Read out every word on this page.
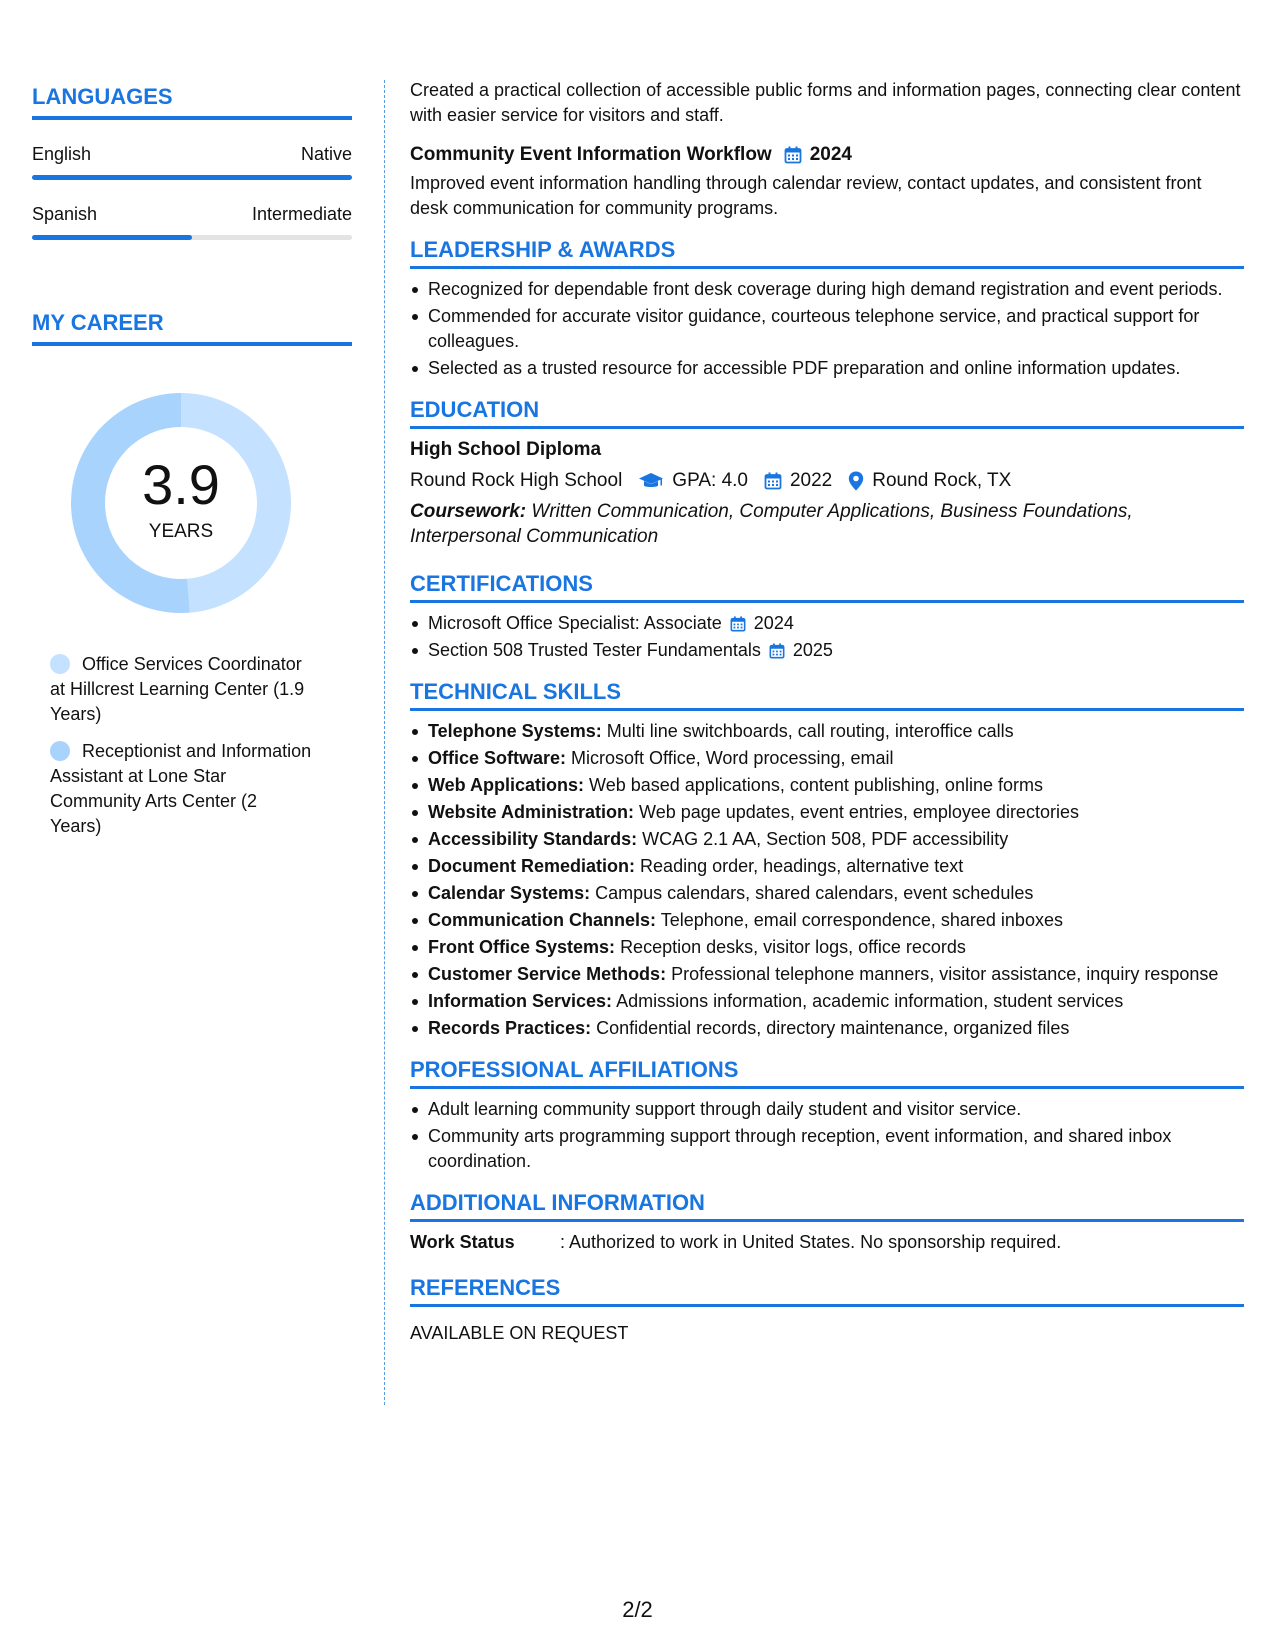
LANGUAGES
English	Native
Spanish	Intermediate
MY CAREER
3.9
YEARS
Office Services Coordinator at Hillcrest Learning Center (1.9 Years)
Receptionist and Information Assistant at Lone Star Community Arts Center (2 Years)
Created a practical collection of accessible public forms and information pages, connecting clear content with easier service for visitors and staff.
Community Event Information Workflow 2024
Improved event information handling through calendar review, contact updates, and consistent front desk communication for community programs.
LEADERSHIP & AWARDS
Recognized for dependable front desk coverage during high demand registration and event periods.
Commended for accurate visitor guidance, courteous telephone service, and practical support for colleagues.
Selected as a trusted resource for accessible PDF preparation and online information updates.
EDUCATION
High School Diploma
Round Rock High School	GPA: 4.0 2022 Round Rock, TX
Coursework: Written Communication, Computer Applications, Business Foundations, Interpersonal Communication
CERTIFICATIONS
Microsoft Office Specialist: Associate 2024
Section 508 Trusted Tester Fundamentals 2025
TECHNICAL SKILLS
Telephone Systems: Multi line switchboards, call routing, interoffice calls
Office Software: Microsoft Office, Word processing, email
Web Applications: Web based applications, content publishing, online forms
Website Administration: Web page updates, event entries, employee directories
Accessibility Standards: WCAG 2.1 AA, Section 508, PDF accessibility
Document Remediation: Reading order, headings, alternative text
Calendar Systems: Campus calendars, shared calendars, event schedules
Communication Channels: Telephone, email correspondence, shared inboxes
Front Office Systems: Reception desks, visitor logs, office records
Customer Service Methods: Professional telephone manners, visitor assistance, inquiry response
Information Services: Admissions information, academic information, student services
Records Practices: Confidential records, directory maintenance, organized files
PROFESSIONAL AFFILIATIONS
Adult learning community support through daily student and visitor service.
Community arts programming support through reception, event information, and shared inbox coordination.
ADDITIONAL INFORMATION
Work Status	: Authorized to work in United States. No sponsorship required.
REFERENCES
AVAILABLE ON REQUEST
2/2
